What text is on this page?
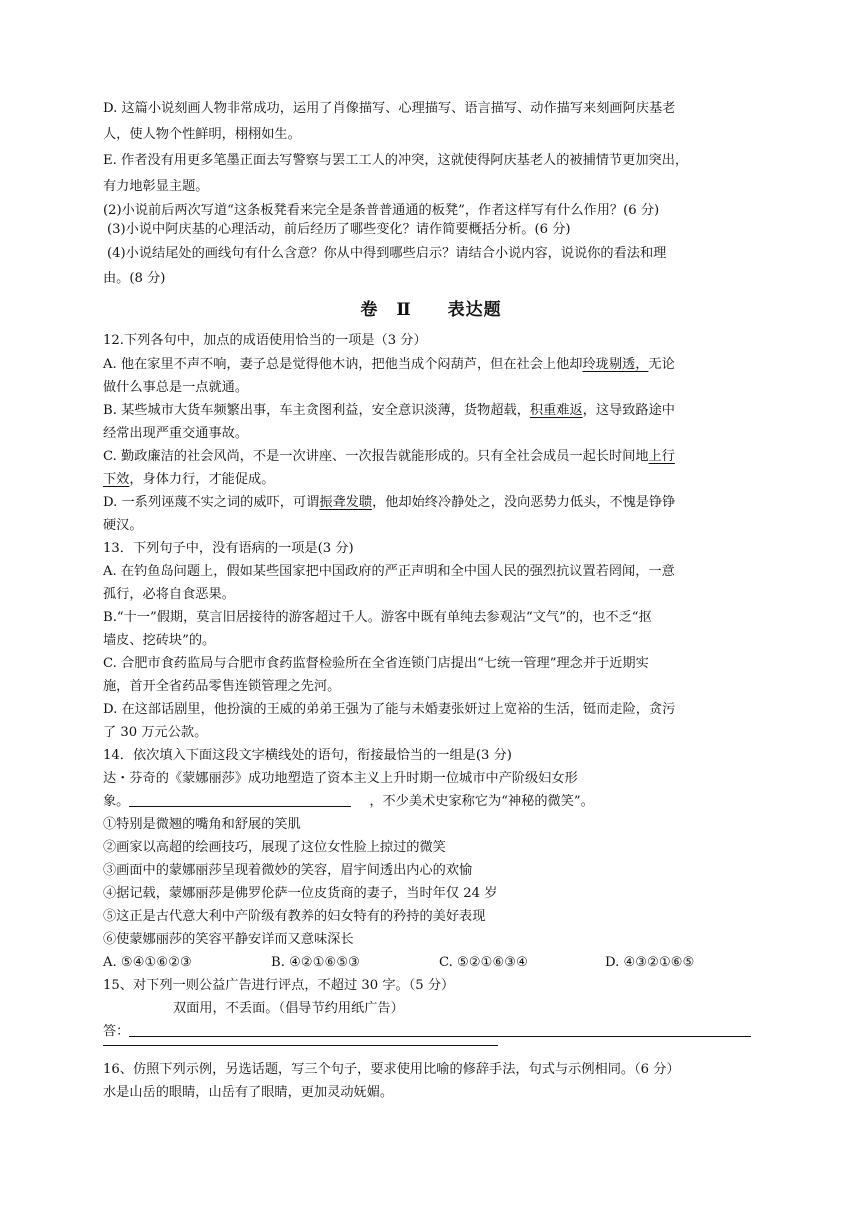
D. 这篇小说刻画人物非常成功，运用了肖像描写、心理描写、语言描写、动作描写来刻画阿庆基老
人，使人物个性鲜明，栩栩如生。
E. 作者没有用更多笔墨正面去写警察与罢工工人的冲突，这就使得阿庆基老人的被捕情节更加突出，
有力地彰显主题。
(2)小说前后两次写道“这条板凳看来完全是条普普通通的板凳”，作者这样写有什么作用？(6 分)
(3)小说中阿庆基的心理活动，前后经历了哪些变化？请作简要概括分析。(6 分)
(4)小说结尾处的画线句有什么含意？你从中得到哪些启示？请结合小说内容，说说你的看法和理
由。(8 分)
卷　Ⅱ　　表达题
12.下列各句中，加点的成语使用恰当的一项是（3 分）
A. 他在家里不声不响，妻子总是觉得他木讷，把他当成个闷葫芦，但在社会上他却玲珑剔透，无论
做什么事总是一点就通。
B. 某些城市大货车频繁出事，车主贪图利益，安全意识淡薄，货物超载，积重难返，这导致路途中
经常出现严重交通事故。
C. 勤政廉洁的社会风尚，不是一次讲座、一次报告就能形成的。只有全社会成员一起长时间地上行
下效，身体力行，才能促成。
D. 一系列诬蔑不实之词的威吓，可谓振聋发聩，他却始终冷静处之，没向恶势力低头，不愧是铮铮
硬汉。
13．下列句子中，没有语病的一项是(3 分)
A. 在钓鱼岛问题上，假如某些国家把中国政府的严正声明和全中国人民的强烈抗议置若罔闻，一意
孤行，必将自食恶果。
B.“十一”假期，莫言旧居接待的游客超过千人。游客中既有单纯去参观沾“文气”的，也不乏“抠
墙皮、挖砖块”的。
C. 合肥市食药监局与合肥市食药监督检验所在全省连锁门店提出“七统一管理”理念并于近期实
施，首开全省药品零售连锁管理之先河。
D. 在这部话剧里，他扮演的王威的弟弟王强为了能与未婚妻张妍过上宽裕的生活，铤而走险，贪污
了 30 万元公款。
14．依次填入下面这段文字横线处的语句，衔接最恰当的一组是(3 分)
达・芬奇的《蒙娜丽莎》成功地塑造了资本主义上升时期一位城市中产阶级妇女形
象。	，不少美术史家称它为“神秘的微笑”。
①特别是微翘的嘴角和舒展的笑肌
②画家以高超的绘画技巧，展现了这位女性脸上掠过的微笑
③画面中的蒙娜丽莎呈现着微妙的笑容，眉宇间透出内心的欢愉
④据记载，蒙娜丽莎是佛罗伦萨一位皮货商的妻子，当时年仅 24 岁
⑤这正是古代意大利中产阶级有教养的妇女特有的矜持的美好表现
⑥使蒙娜丽莎的笑容平静安详而又意味深长
A. ⑤④①⑥②③	B. ④②①⑥⑤③	C. ⑤②①⑥③④	D. ④③②①⑥⑤
15、对下列一则公益广告进行评点，不超过 30 字。（5 分）
双面用，不丢面。（倡导节约用纸广告）
答：
16、仿照下列示例，另选话题，写三个句子，要求使用比喻的修辞手法，句式与示例相同。（6 分）
水是山岳的眼睛，山岳有了眼睛，更加灵动妩媚。
